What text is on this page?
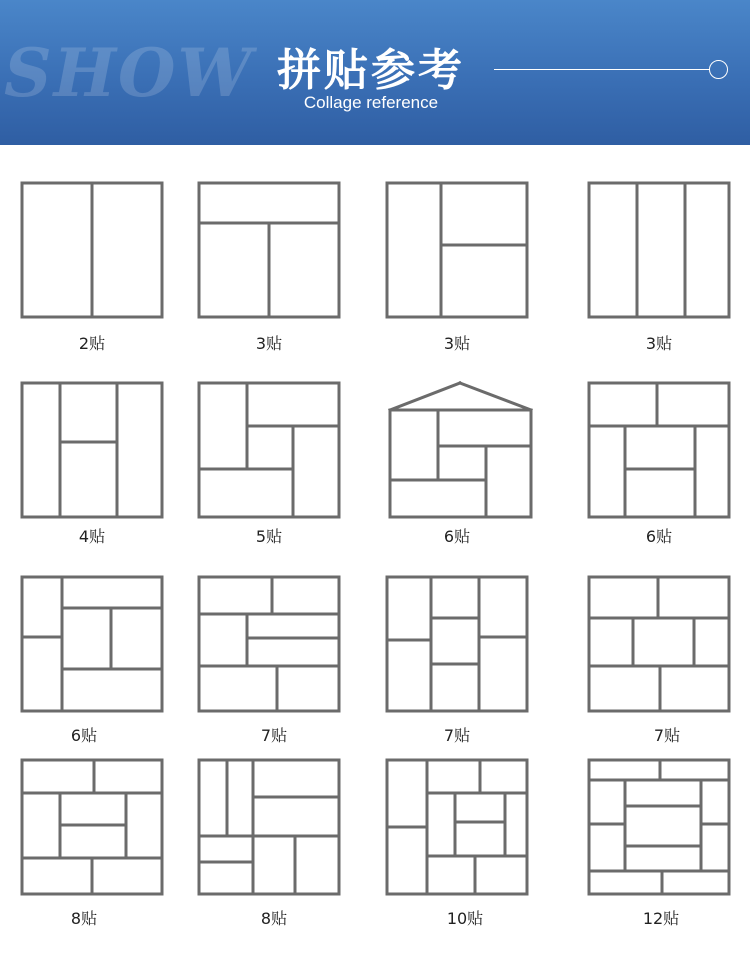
SHOW 拼贴参考
Collage reference
2贴	3贴	3贴	3贴
4贴	5贴	6贴	6贴
6贴	7贴	7贴	7贴
8贴	8贴	10贴	12贴
